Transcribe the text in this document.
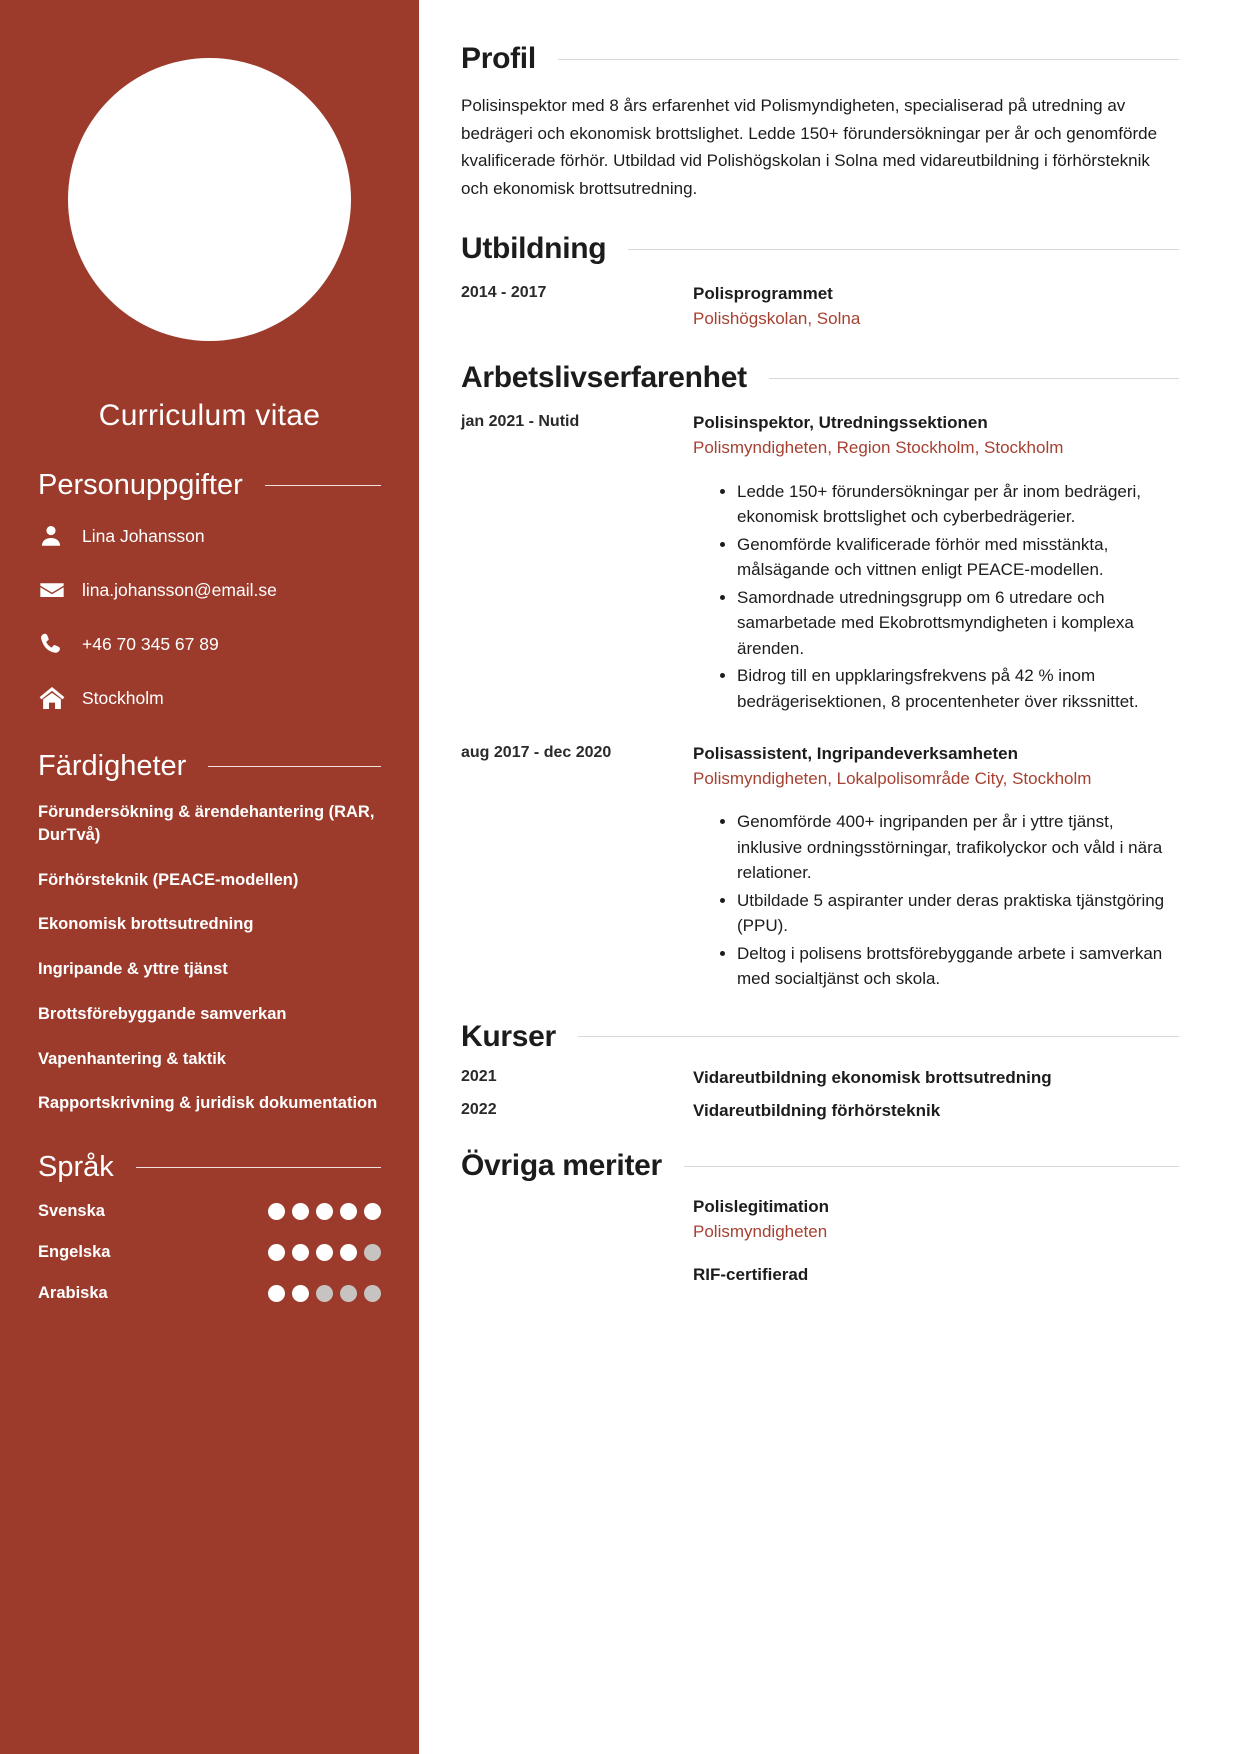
Curriculum vitae
Personuppgifter
Lina Johansson
lina.johansson@email.se
+46 70 345 67 89
Stockholm
Färdigheter
Förundersökning & ärendehantering (RAR, DurTvå)
Förhörsteknik (PEACE-modellen)
Ekonomisk brottsutredning
Ingripande & yttre tjänst
Brottsförebyggande samverkan
Vapenhantering & taktik
Rapportskrivning & juridisk dokumentation
Språk
Svenska
Engelska
Arabiska
Profil

Polisinspektor med 8 års erfarenhet vid Polismyndigheten, specialiserad på utredning av bedrägeri och ekonomisk brottslighet. Ledde 150+ förundersökningar per år och genomförde kvalificerade förhör. Utbildad vid Polishögskolan i Solna med vidareutbildning i förhörsteknik och ekonomisk brottsutredning.

Utbildning
2014 - 2017	Polisprogrammet
Polishögskolan, Solna
Arbetslivserfarenhet
jan 2021 - Nutid	Polisinspektor, Utredningssektionen
Polismyndigheten, Region Stockholm, Stockholm
• Ledde 150+ förundersökningar per år inom bedrägeri, ekonomisk brottslighet och cyberbedrägerier.
• Genomförde kvalificerade förhör med misstänkta, målsägande och vittnen enligt PEACE-modellen.
• Samordnade utredningsgrupp om 6 utredare och samarbetade med Ekobrottsmyndigheten i komplexa ärenden.
• Bidrog till en uppklaringsfrekvens på 42 % inom bedrägerisektionen, 8 procentenheter över rikssnittet.
aug 2017 - dec 2020	Polisassistent, Ingripandeverksamheten
Polismyndigheten, Lokalpolisområde City, Stockholm
• Genomförde 400+ ingripanden per år i yttre tjänst, inklusive ordningsstörningar, trafikolyckor och våld i nära relationer.
• Utbildade 5 aspiranter under deras praktiska tjänstgöring (PPU).
• Deltog i polisens brottsförebyggande arbete i samverkan med socialtjänst och skola.
Kurser
2021	Vidareutbildning ekonomisk brottsutredning
2022	Vidareutbildning förhörsteknik
Övriga meriter
Polislegitimation
Polismyndigheten
RIF-certifierad
